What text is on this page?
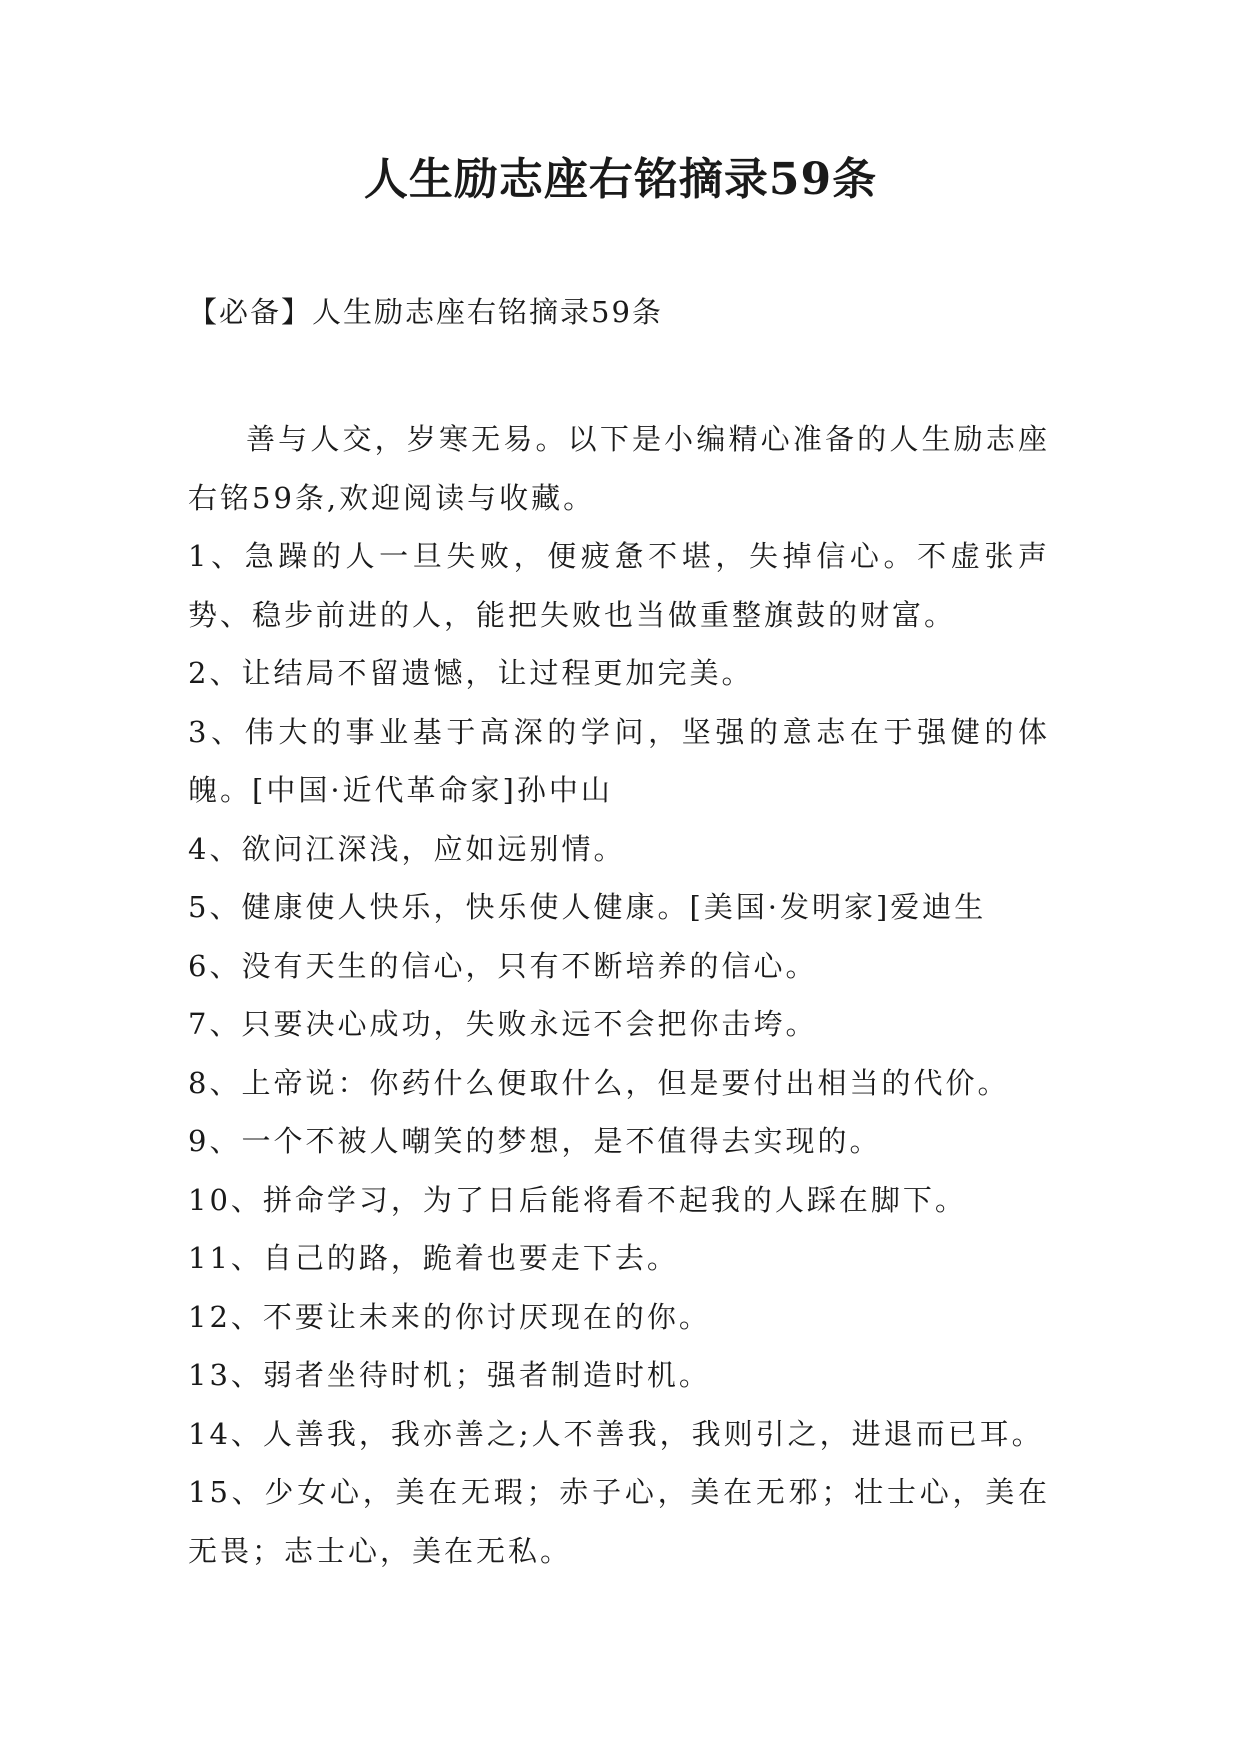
人生励志座右铭摘录59条
【必备】人生励志座右铭摘录59条

善与人交，岁寒无易。以下是小编精心准备的人生励志座右铭59条,欢迎阅读与收藏。

1、急躁的人一旦失败，便疲惫不堪，失掉信心。不虚张声势、稳步前进的人，能把失败也当做重整旗鼓的财富。

2、让结局不留遗憾，让过程更加完美。

3、伟大的事业基于高深的学问，坚强的意志在于强健的体魄。[中国·近代革命家]孙中山

4、欲问江深浅，应如远别情。

5、健康使人快乐，快乐使人健康。[美国·发明家]爱迪生

6、没有天生的信心，只有不断培养的信心。

7、只要决心成功，失败永远不会把你击垮。

8、上帝说：你药什么便取什么，但是要付出相当的代价。

9、一个不被人嘲笑的梦想，是不值得去实现的。

10、拼命学习，为了日后能将看不起我的人踩在脚下。

11、自己的路，跪着也要走下去。

12、不要让未来的你讨厌现在的你。

13、弱者坐待时机；强者制造时机。

14、人善我，我亦善之;人不善我，我则引之，进退而已耳。

15、少女心，美在无瑕；赤子心，美在无邪；壮士心，美在无畏；志士心，美在无私。
